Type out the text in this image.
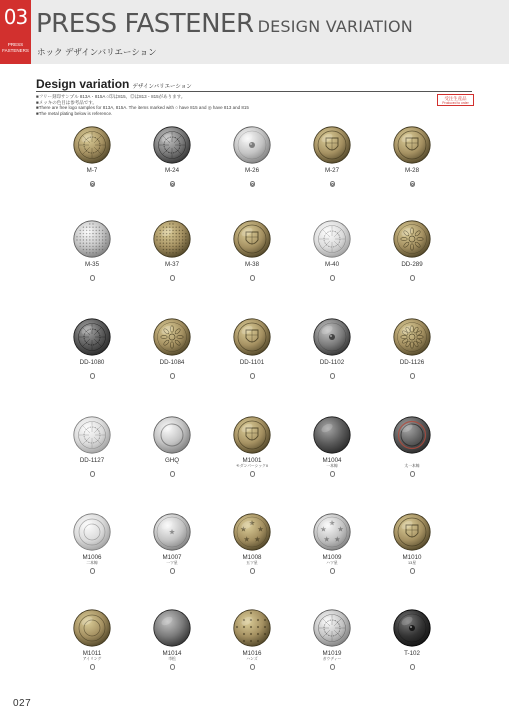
03
PRESS FASTENERS
PRESS FASTENER DESIGN VARIATION
ホック デザインバリエーション
Design variation デザインバリエーション
■フリー刻印サンプル 813A・815A ○印は815、◎は813・815があります。
■メッキの色目は参考品です。
■There are free logo samples for 813A, 815A. The items marked with ○ have 815 and ◎ have 813 and 815
■The metal plating below is reference.
受注生産品
Produced to order
M-7	M-24	M-26	M-27	M-28
M-35	M-37	M-38	M-40	DD-289
DD-1080	DD-1084	DD-1101	DD-1102	DD-1126
DD-1127	GHQ	M1001
モダンパーシックII
M1004
一本線	太一本線
M1006
二本線
M1007
一ツ星
M1008
五ツ星
M1009
ハツ星
M1010
13星
M1011
アイリング
M1014
市松
M1016
ハンズ
M1019
ガウディー
T-102
027
